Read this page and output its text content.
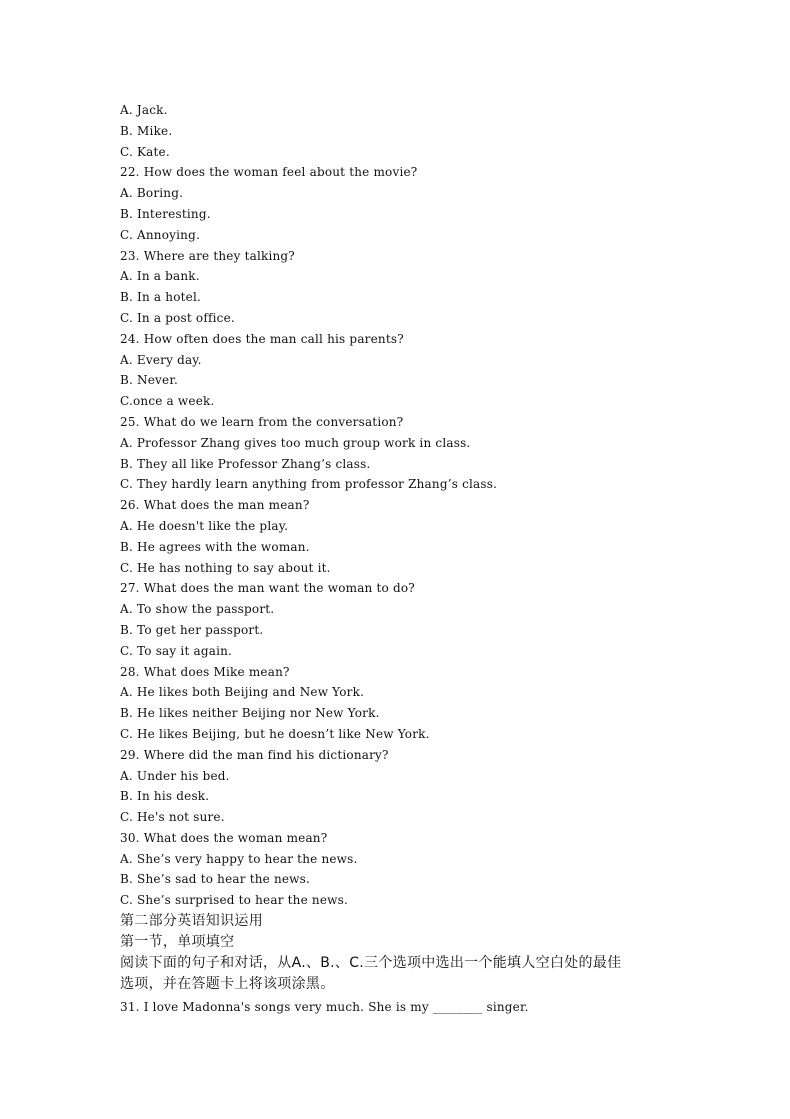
A. Jack.
B. Mike.
C. Kate.
22. How does the woman feel about the movie?
A. Boring.
B. Interesting.
C. Annoying.
23. Where are they talking?
A. In a bank.
B. In a hotel.
C. In a post office.
24. How often does the man call his parents?
A. Every day.
B. Never.
C.once a week.
25. What do we learn from the conversation?
A. Professor Zhang gives too much group work in class.
B. They all like Professor Zhang’s class.
C. They hardly learn anything from professor Zhang’s class.
26. What does the man mean?
A. He doesn't like the play.
B. He agrees with the woman.
C. He has nothing to say about it.
27. What does the man want the woman to do?
A. To show the passport.
B. To get her passport.
C. To say it again.
28. What does Mike mean?
A. He likes both Beijing and New York.
B. He likes neither Beijing nor New York.
C. He likes Beijing, but he doesn’t like New York.
29. Where did the man find his dictionary?
A. Under his bed.
B. In his desk.
C. He's not sure.
30. What does the woman mean?
A. She’s very happy to hear the news.
B. She’s sad to hear the news.
C. She’s surprised to hear the news.
第二部分英语知识运用
第一节，单项填空
阅读下面的句子和对话，从A.、B.、C.三个选项中选出一个能填人空白处的最佳选项，并在答题卡上将该项涂黑。
31. I love Madonna's songs very much. She is my ________ singer.
